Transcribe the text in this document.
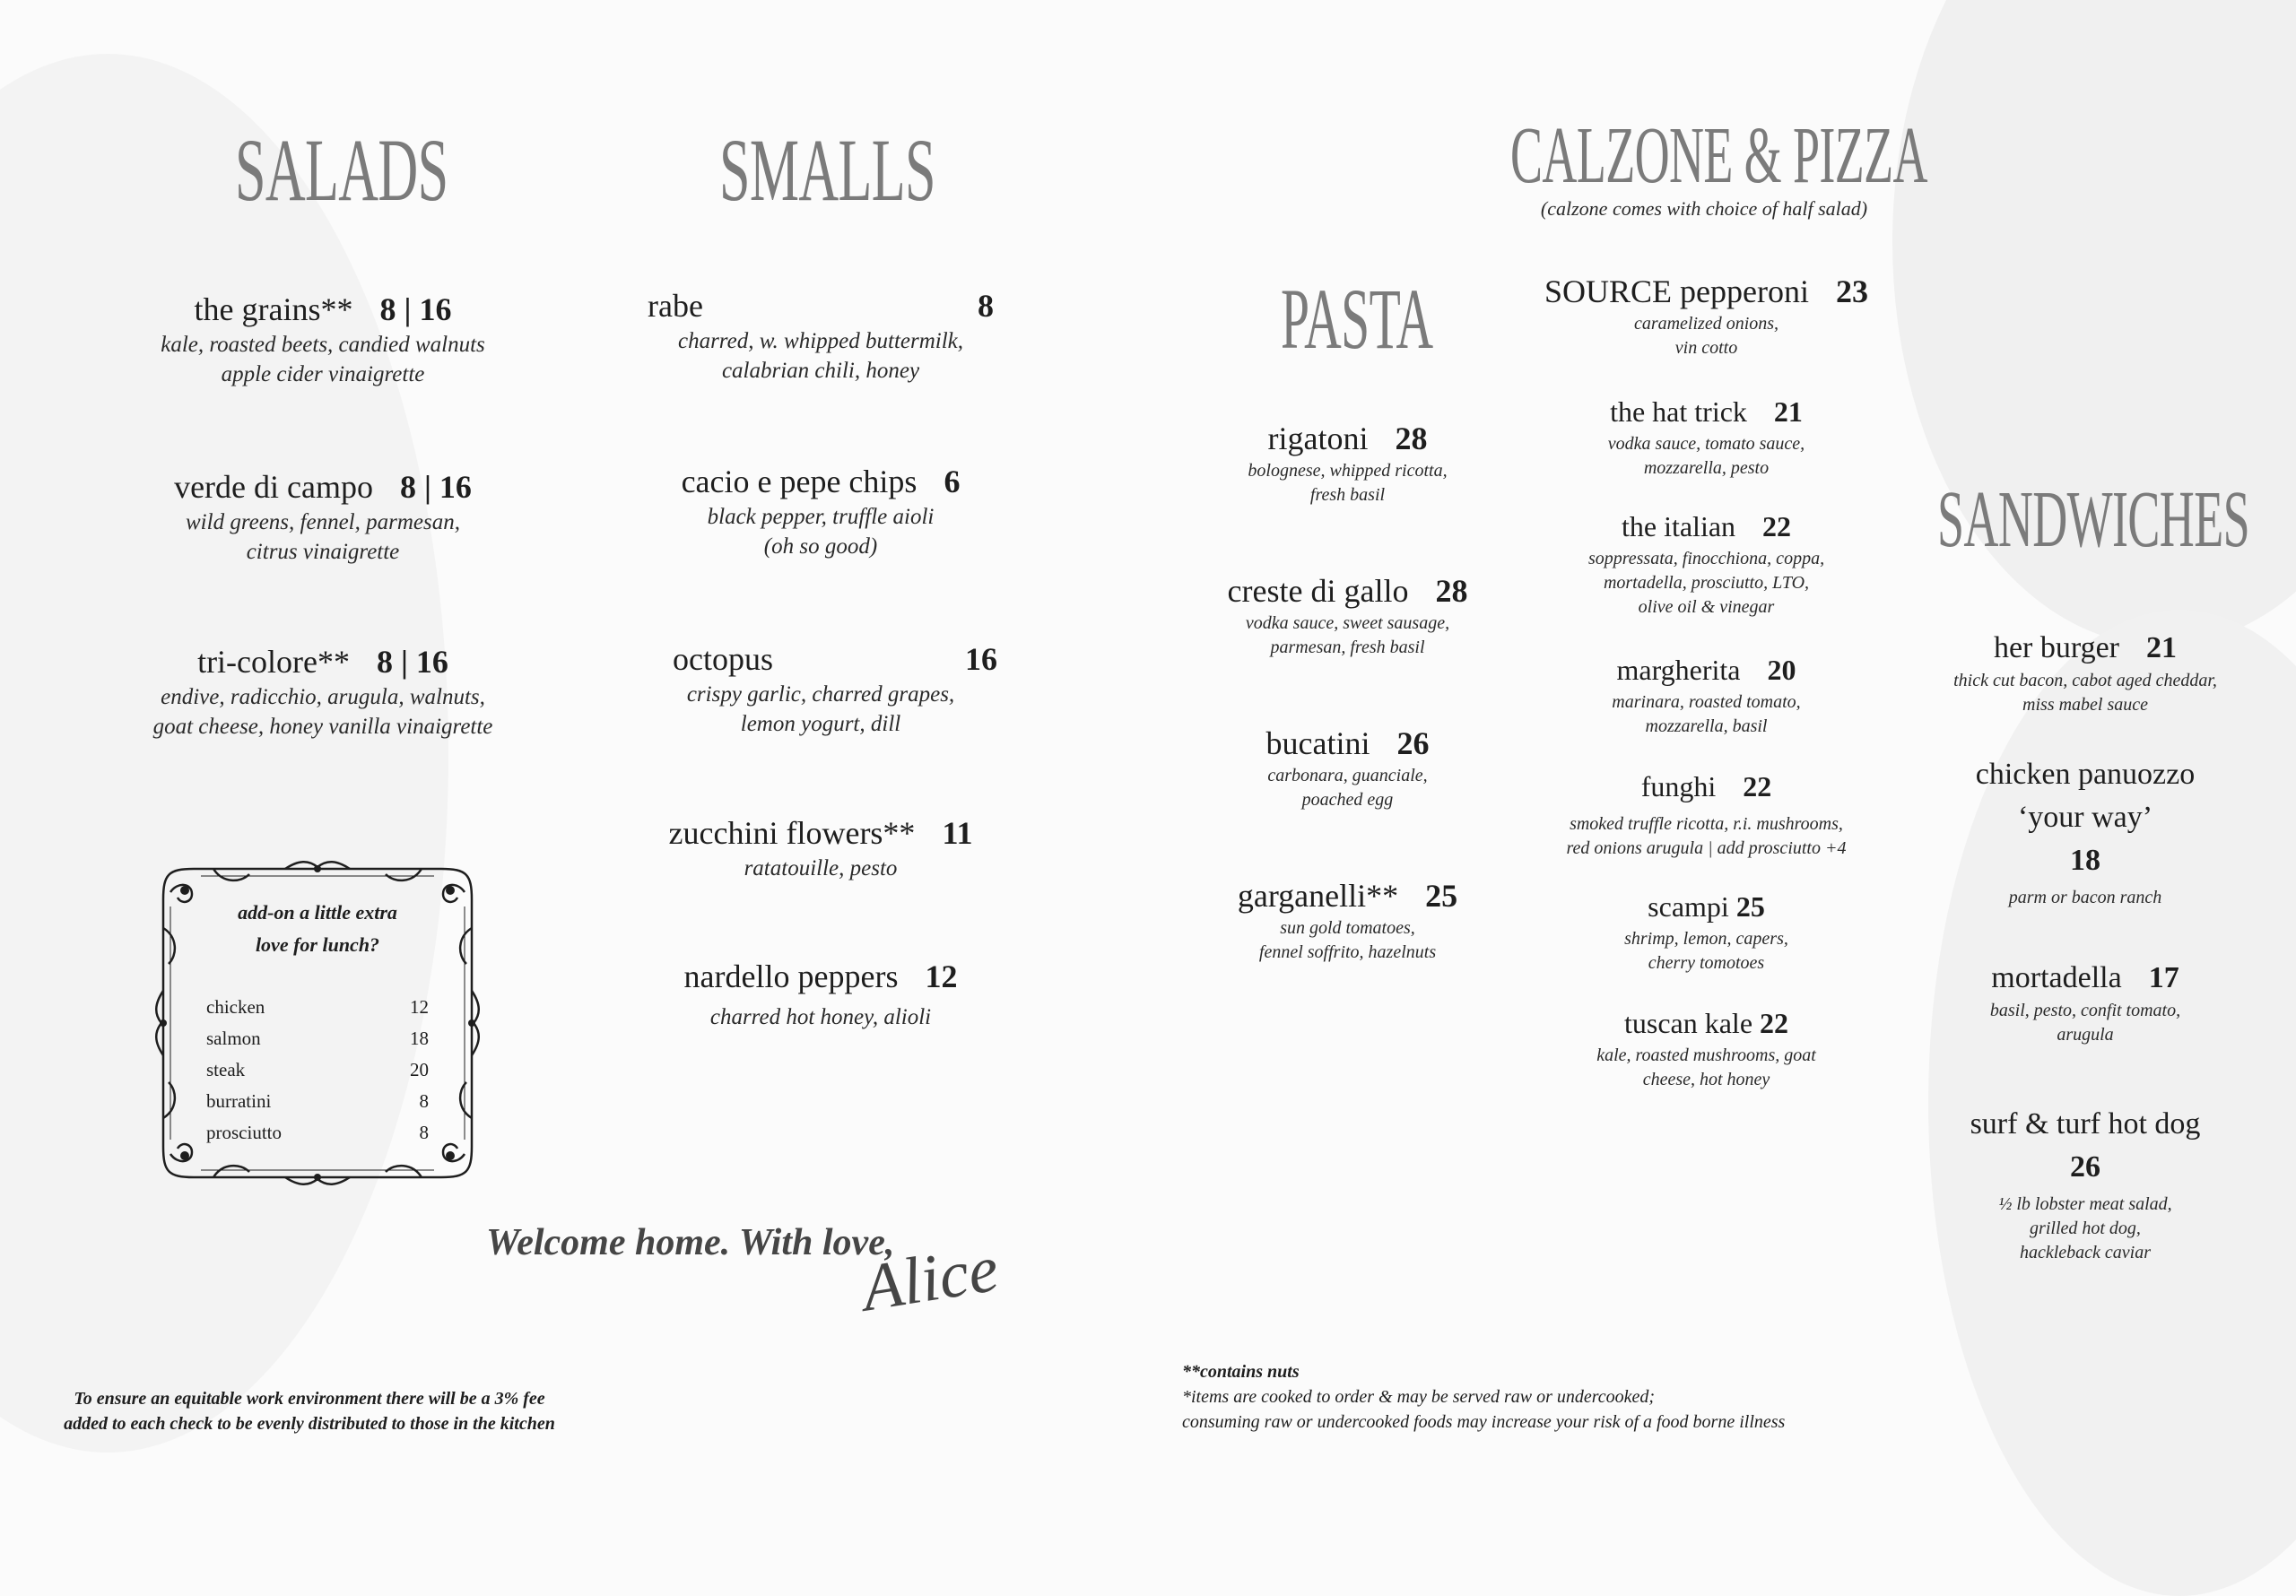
SALADS
the grains** 8 | 16
kale, roasted beets, candied walnuts
apple cider vinaigrette
verde di campo 8 | 16
wild greens, fennel, parmesan,
citrus vinaigrette
tri-colore** 8 | 16
endive, radicchio, arugula, walnuts,
goat cheese, honey vanilla vinaigrette
add-on a little extra
love for lunch?
chicken	12
salmon	18
steak	20
burratini	8
prosciutto	8
SMALLS
rabe	8
charred, w. whipped buttermilk,
calabrian chili, honey
cacio e pepe chips 6
black pepper, truffle aioli
(oh so good)
octopus	16
crispy garlic, charred grapes,
lemon yogurt, dill
zucchini flowers** 11
ratatouille, pesto
nardello peppers 12
charred hot honey, alioli
PASTA
rigatoni 28
bolognese, whipped ricotta,
fresh basil
creste di gallo 28
vodka sauce, sweet sausage,
parmesan, fresh basil
bucatini 26
carbonara, guanciale,
poached egg
garganelli** 25
sun gold tomatoes,
fennel soffrito, hazelnuts
CALZONE & PIZZA
(calzone comes with choice of half salad)
SOURCE pepperoni 23
caramelized onions,
vin cotto
the hat trick 21
vodka sauce, tomato sauce,
mozzarella, pesto
the italian 22
soppressata, finocchiona, coppa,
mortadella, prosciutto, LTO,
olive oil & vinegar
margherita 20
marinara, roasted tomato,
mozzarella, basil
funghi 22
smoked truffle ricotta, r.i. mushrooms,
red onions arugula | add prosciutto +4
scampi 25
shrimp, lemon, capers,
cherry tomotoes
tuscan kale 22
kale, roasted mushrooms, goat
cheese, hot honey
SANDWICHES
her burger 21
thick cut bacon, cabot aged cheddar,
miss mabel sauce
chicken panuozzo
‘your way’
18
parm or bacon ranch
mortadella 17
basil, pesto, confit tomato,
arugula
surf & turf hot dog
26
½ lb lobster meat salad,
grilled hot dog,
hackleback caviar
Welcome home. With love,
Alice
To ensure an equitable work environment there will be a 3% fee
added to each check to be evenly distributed to those in the kitchen
**contains nuts
*items are cooked to order & may be served raw or undercooked;
consuming raw or undercooked foods may increase your risk of a food borne illness
